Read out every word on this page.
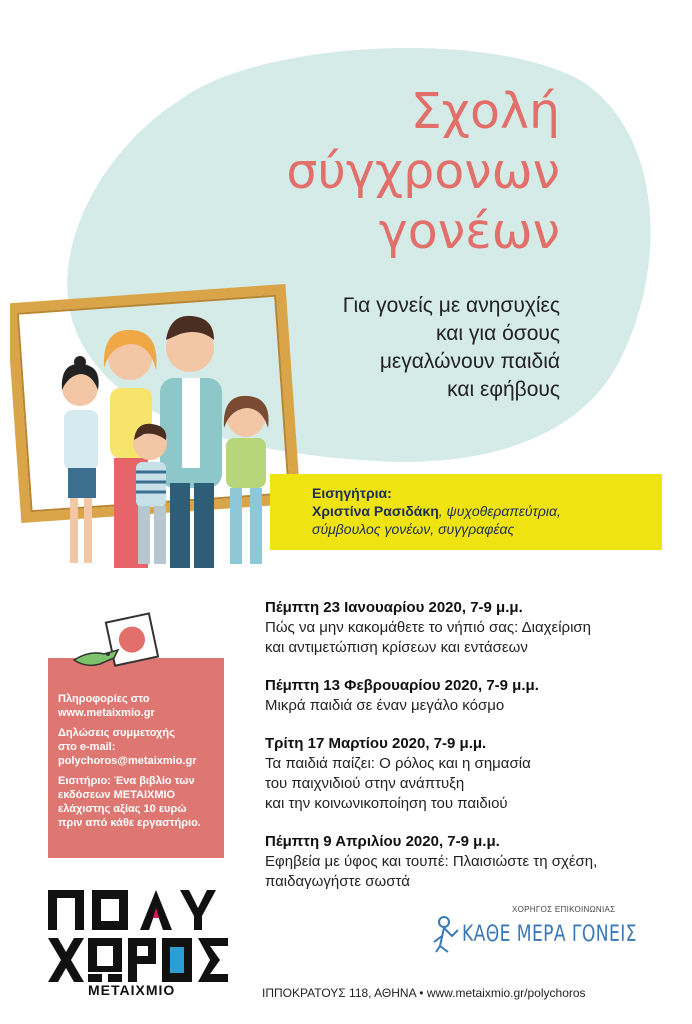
Σχολή
σύγχρονων
γονέων
Για γονείς με ανησυχίες
και για όσους
μεγαλώνουν παιδιά
και εφήβους
Εισηγήτρια:
Χριστίνα Ρασιδάκη, ψυχοθεραπεύτρια,
σύμβουλος γονέων, συγγραφέας
Πέμπτη 23 Ιανουαρίου 2020, 7-9 μ.μ.
Πώς να μην κακομάθετε το νήπιό σας: Διαχείριση
και αντιμετώπιση κρίσεων και εντάσεων
Πέμπτη 13 Φεβρουαρίου 2020, 7-9 μ.μ.
Μικρά παιδιά σε έναν μεγάλο κόσμο
Τρίτη 17 Μαρτίου 2020, 7-9 μ.μ.
Τα παιδιά παίζει: Ο ρόλος και η σημασία
του παιχνιδιού στην ανάπτυξη
και την κοινωνικοποίηση του παιδιού
Πέμπτη 9 Απριλίου 2020, 7-9 μ.μ.
Εφηβεία με ύφος και τουπέ: Πλαισιώστε τη σχέση,
παιδαγωγήστε σωστά
Πληροφορίες στο
www.metaixmio.gr
Δηλώσεις συμμετοχής
στο e-mail:
polychoros@metaixmio.gr
Εισιτήριο: Ένα βιβλίο των
εκδόσεων ΜΕΤΑΙΧΜΙΟ
ελάχιστης αξίας 10 ευρώ
πριν από κάθε εργαστήριο.
ΜΕΤΑΙΧΜΙΟ
ΧΟΡΗΓΟΣ ΕΠΙΚΟΙΝΩΝΙΑΣ
ΚΑΘΕ ΜΕΡΑ ΓΟΝΕΙΣ
ΙΠΠΟΚΡΑΤΟΥΣ 118, ΑΘΗΝΑ • www.metaixmio.gr/polychoros
